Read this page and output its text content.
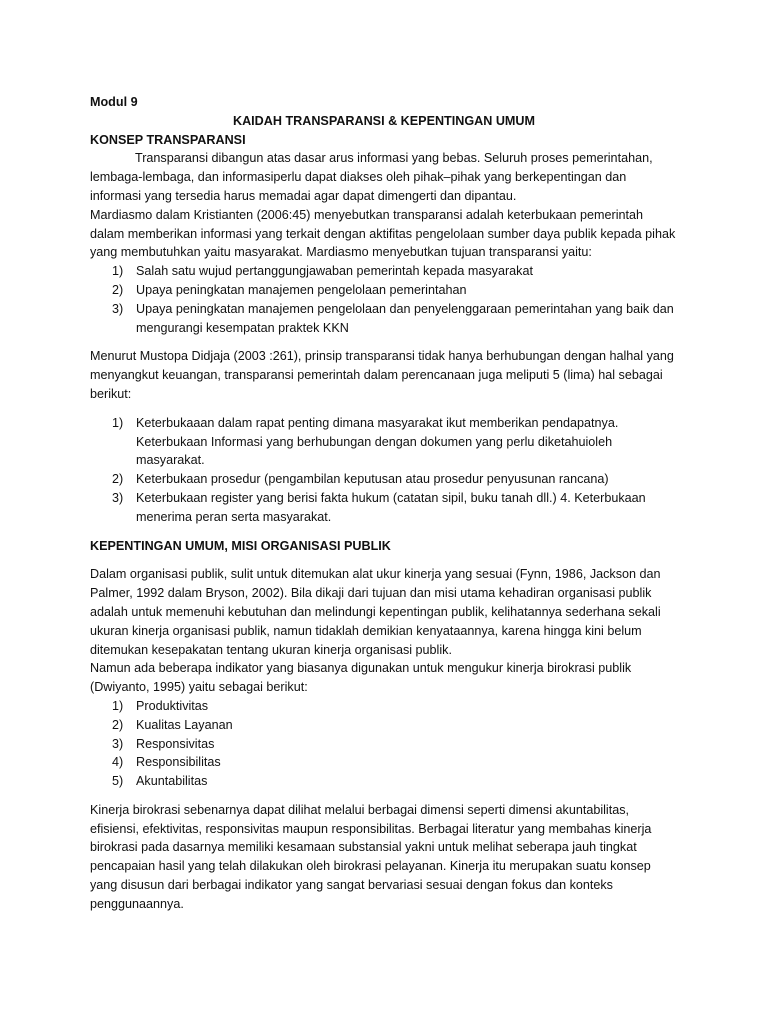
Modul 9

KAIDAH TRANSPARANSI & KEPENTINGAN UMUM

KONSEP TRANSPARANSI

Transparansi dibangun atas dasar arus informasi yang bebas. Seluruh proses pemerintahan, lembaga-lembaga, dan informasiperlu dapat diakses oleh pihak–pihak yang berkepentingan dan informasi yang tersedia harus memadai agar dapat dimengerti dan dipantau.

Mardiasmo dalam Kristianten (2006:45) menyebutkan transparansi adalah keterbukaan pemerintah dalam memberikan informasi yang terkait dengan aktifitas pengelolaan sumber daya publik kepada pihak yang membutuhkan yaitu masyarakat. Mardiasmo menyebutkan tujuan transparansi yaitu:

1) Salah satu wujud pertanggungjawaban pemerintah kepada masyarakat
2) Upaya peningkatan manajemen pengelolaan pemerintahan
3) Upaya peningkatan manajemen pengelolaan dan penyelenggaraan pemerintahan yang baik dan mengurangi kesempatan praktek KKN

Menurut Mustopa Didjaja (2003 :261), prinsip transparansi tidak hanya berhubungan dengan halhal yang menyangkut keuangan, transparansi pemerintah dalam perencanaan juga meliputi 5 (lima) hal sebagai berikut:

1) Keterbukaaan dalam rapat penting dimana masyarakat ikut memberikan pendapatnya. Keterbukaan Informasi yang berhubungan dengan dokumen yang perlu diketahuioleh masyarakat.
2) Keterbukaan prosedur (pengambilan keputusan atau prosedur penyusunan rancana)
3) Keterbukaan register yang berisi fakta hukum (catatan sipil, buku tanah dll.) 4. Keterbukaan menerima peran serta masyarakat.

KEPENTINGAN UMUM, MISI ORGANISASI PUBLIK

Dalam organisasi publik, sulit untuk ditemukan alat ukur kinerja yang sesuai (Fynn, 1986, Jackson dan Palmer, 1992 dalam Bryson, 2002). Bila dikaji dari tujuan dan misi utama kehadiran organisasi publik adalah untuk memenuhi kebutuhan dan melindungi kepentingan publik, kelihatannya sederhana sekali ukuran kinerja organisasi publik, namun tidaklah demikian kenyataannya, karena hingga kini belum ditemukan kesepakatan tentang ukuran kinerja organisasi publik.

Namun ada beberapa indikator yang biasanya digunakan untuk mengukur kinerja birokrasi publik (Dwiyanto, 1995) yaitu sebagai berikut:

1) Produktivitas
2) Kualitas Layanan
3) Responsivitas
4) Responsibilitas
5) Akuntabilitas

Kinerja birokrasi sebenarnya dapat dilihat melalui berbagai dimensi seperti dimensi akuntabilitas, efisiensi, efektivitas, responsivitas maupun responsibilitas. Berbagai literatur yang membahas kinerja birokrasi pada dasarnya memiliki kesamaan substansial yakni untuk melihat seberapa jauh tingkat pencapaian hasil yang telah dilakukan oleh birokrasi pelayanan. Kinerja itu merupakan suatu konsep yang disusun dari berbagai indikator yang sangat bervariasi sesuai dengan fokus dan konteks penggunaannya.
